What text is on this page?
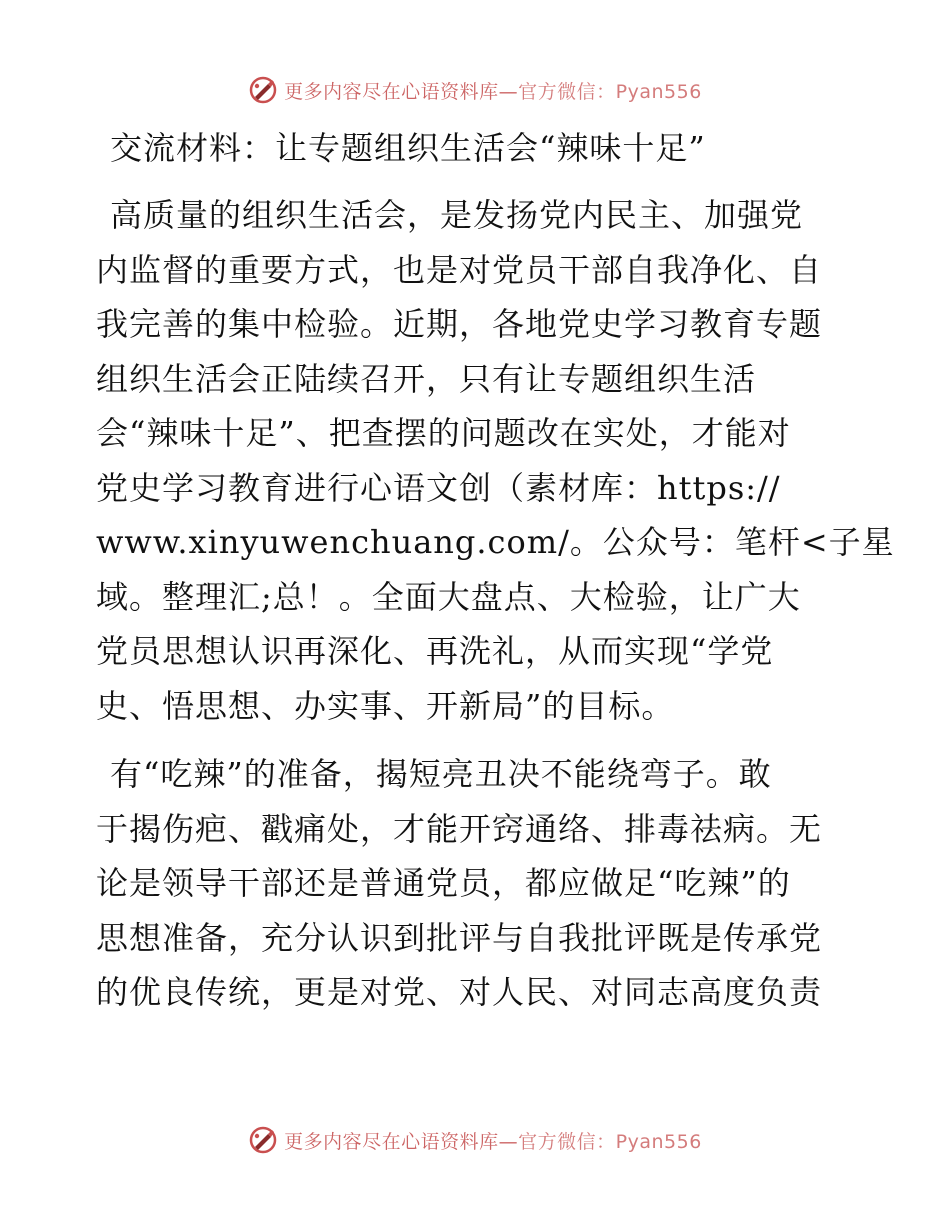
更多内容尽在心语资料库—官方微信：Pyan556
交流材料：让专题组织生活会“辣味十足”

高质量的组织生活会，是发扬党内民主、加强党
内监督的重要方式，也是对党员干部自我净化、自
我完善的集中检验。近期，各地党史学习教育专题
组织生活会正陆续召开，只有让专题组织生活
会“辣味十足”、把查摆的问题改在实处，才能对
党史学习教育进行心语文创（素材库：https://
www.xinyuwenchuang.com/。公众号：笔杆<子星
域。整理汇;总！。全面大盘点、大检验，让广大
党员思想认识再深化、再洗礼，从而实现“学党
史、悟思想、办实事、开新局”的目标。

有“吃辣”的准备，揭短亮丑决不能绕弯子。敢
于揭伤疤、戳痛处，才能开窍通络、排毒祛病。无
论是领导干部还是普通党员，都应做足“吃辣”的
思想准备，充分认识到批评与自我批评既是传承党
的优良传统，更是对党、对人民、对同志高度负责

更多内容尽在心语资料库—官方微信：Pyan556
